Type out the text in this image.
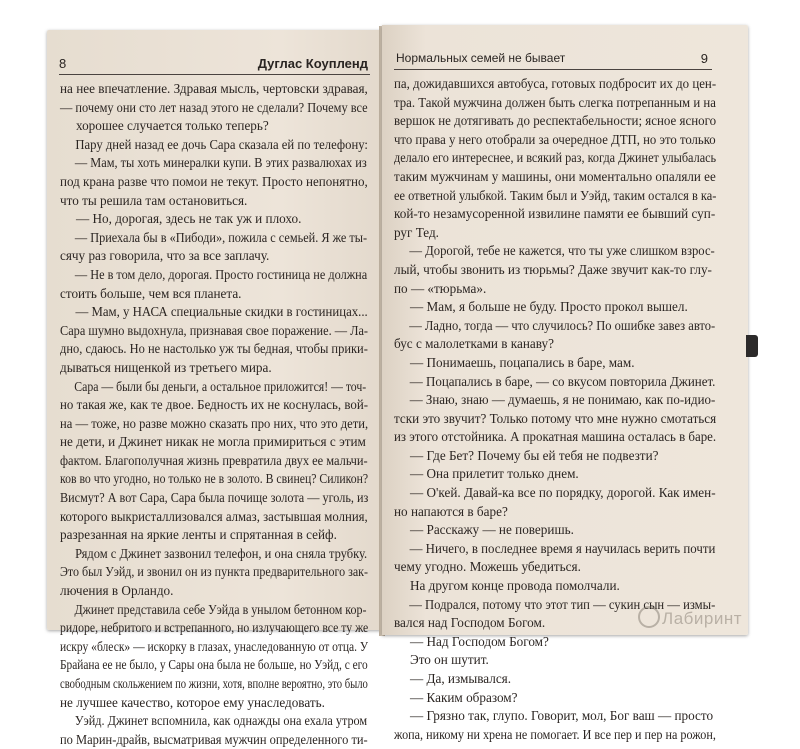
8	Дуглас Коупленд
на нее впечатление. Здравая мысль, чертовски здравая,
— почему они сто лет назад этого не сделали? Почему все
хорошее случается только теперь?
Пару дней назад ее дочь Сара сказала ей по телефону:
— Мам, ты хоть минералки купи. В этих развалюхах из
под крана разве что помои не текут. Просто непонятно,
что ты решила там остановиться.
— Но, дорогая, здесь не так уж и плохо.
— Приехала бы в «Пибоди», пожила с семьей. Я же ты-
сячу раз говорила, что за все заплачу.
— Не в том дело, дорогая. Просто гостиница не должна
стоить больше, чем вся планета.
— Мам, у НАСА специальные скидки в гостиницах...
Сара шумно выдохнула, признавая свое поражение. — Ла-
дно, сдаюсь. Но не настолько уж ты бедная, чтобы прики-
дываться нищенкой из третьего мира.
Сара — были бы деньги, а остальное приложится! — точ-
но такая же, как те двое. Бедность их не коснулась, вой-
на — тоже, но разве можно сказать про них, что это дети,
не дети, и Джинет никак не могла примириться с этим
фактом. Благополучная жизнь превратила двух ее мальчи-
ков во что угодно, но только не в золото. В свинец? Силикон?
Висмут? А вот Сара, Сара была почище золота — уголь, из
которого выкристаллизовался алмаз, застывшая молния,
разрезанная на яркие ленты и спрятанная в сейф.
Рядом с Джинет зазвонил телефон, и она сняла трубку.
Это был Уэйд, и звонил он из пункта предварительного зак-
лючения в Орландо.
Джинет представила себе Уэйда в унылом бетонном кор-
ридоре, небритого и встрепанного, но излучающего все ту же
искру «блеск» — искорку в глазах, унаследованную от отца. У
Брайана ее не было, у Сары она была не больше, но Уэйд, с его
свободным скольжением по жизни, хотя, вполне вероятно, это было
не лучшее качество, которое ему унаследовать.
Уэйд. Джинет вспомнила, как однажды она ехала утром
по Марин-драйв, высматривая мужчин определенного ти-
Нормальных семей не бывает	9
па, дожидавшихся автобуса, готовых подбросит их до цен-
тра. Такой мужчина должен быть слегка потрепанным и на
вершок не дотягивать до респектабельности; ясное ясного
что права у него отобрали за очередное ДТП, но это только
делало его интереснее, и всякий раз, когда Джинет улыбалась
таким мужчинам у машины, они моментально опаляли ее
ее ответной улыбкой. Таким был и Уэйд, таким остался в ка-
кой-то незамусоренной извилине памяти ее бывший суп-
руг Тед.
— Дорогой, тебе не кажется, что ты уже слишком взрос-
лый, чтобы звонить из тюрьмы? Даже звучит как-то глу-
по — «тюрьма».
— Мам, я больше не буду. Просто прокол вышел.
— Ладно, тогда — что случилось? По ошибке завез авто-
бус с малолетками в канаву?
— Понимаешь, поцапались в баре, мам.
— Поцапались в баре, — со вкусом повторила Джинет.
— Знаю, знаю — думаешь, я не понимаю, как по-идио-
тски это звучит? Только потому что мне нужно смотаться
из этого отстойника. А прокатная машина осталась в баре.
— Где Бет? Почему бы ей тебя не подвезти?
— Она прилетит только днем.
— О'кей. Давай-ка все по порядку, дорогой. Как имен-
но напаются в баре?
— Расскажу — не поверишь.
— Ничего, в последнее время я научилась верить почти
чему угодно. Можешь убедиться.
На другом конце провода помолчали.
— Подрался, потому что этот тип — сукин сын — измы-
вался над Господом Богом.
— Над Господом Богом?
Это он шутит.
— Да, измывался.
— Каким образом?
— Грязно так, глупо. Говорит, мол, Бог ваш — просто
жопа, никому ни хрена не помогает. И все пер и пер на рожон,
Лабиринт
